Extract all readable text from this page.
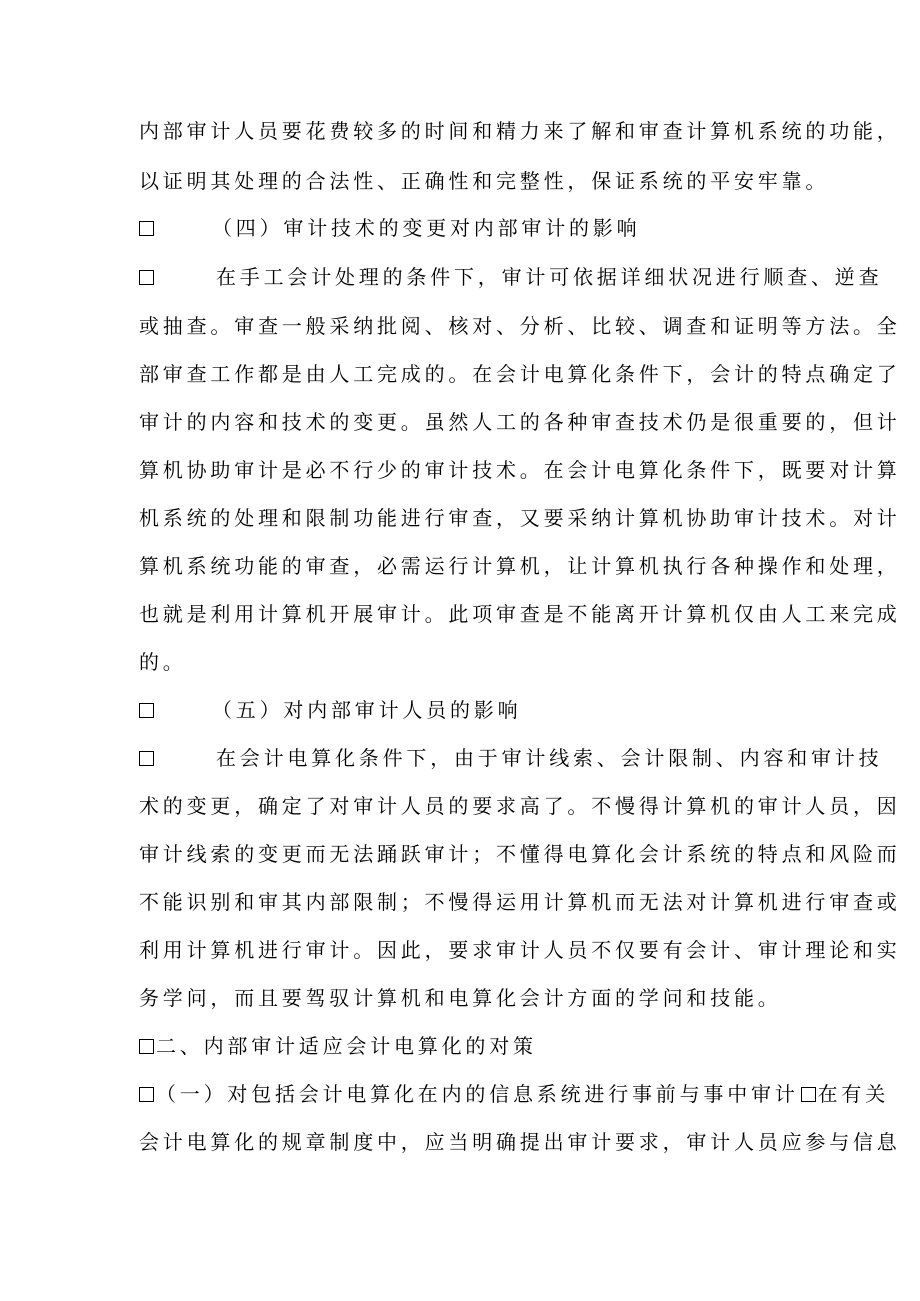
内部审计人员要花费较多的时间和精力来了解和审查计算机系统的功能，
以证明其处理的合法性、正确性和完整性，保证系统的平安牢靠。
（四）审计技术的变更对内部审计的影响
在手工会计处理的条件下，审计可依据详细状况进行顺查、逆查
或抽查。审查一般采纳批阅、核对、分析、比较、调查和证明等方法。全
部审查工作都是由人工完成的。在会计电算化条件下，会计的特点确定了
审计的内容和技术的变更。虽然人工的各种审查技术仍是很重要的，但计
算机协助审计是必不行少的审计技术。在会计电算化条件下，既要对计算
机系统的处理和限制功能进行审查，又要采纳计算机协助审计技术。对计
算机系统功能的审查，必需运行计算机，让计算机执行各种操作和处理，
也就是利用计算机开展审计。此项审查是不能离开计算机仅由人工来完成
的。
（五）对内部审计人员的影响
在会计电算化条件下，由于审计线索、会计限制、内容和审计技
术的变更，确定了对审计人员的要求高了。不慢得计算机的审计人员，因
审计线索的变更而无法踊跃审计；不懂得电算化会计系统的特点和风险而
不能识别和审其内部限制；不慢得运用计算机而无法对计算机进行审查或
利用计算机进行审计。因此，要求审计人员不仅要有会计、审计理论和实
务学问，而且要驾驭计算机和电算化会计方面的学问和技能。
二、内部审计适应会计电算化的对策
（一）对包括会计电算化在内的信息系统进行事前与事中审计 在有关
会计电算化的规章制度中，应当明确提出审计要求，审计人员应参与信息
